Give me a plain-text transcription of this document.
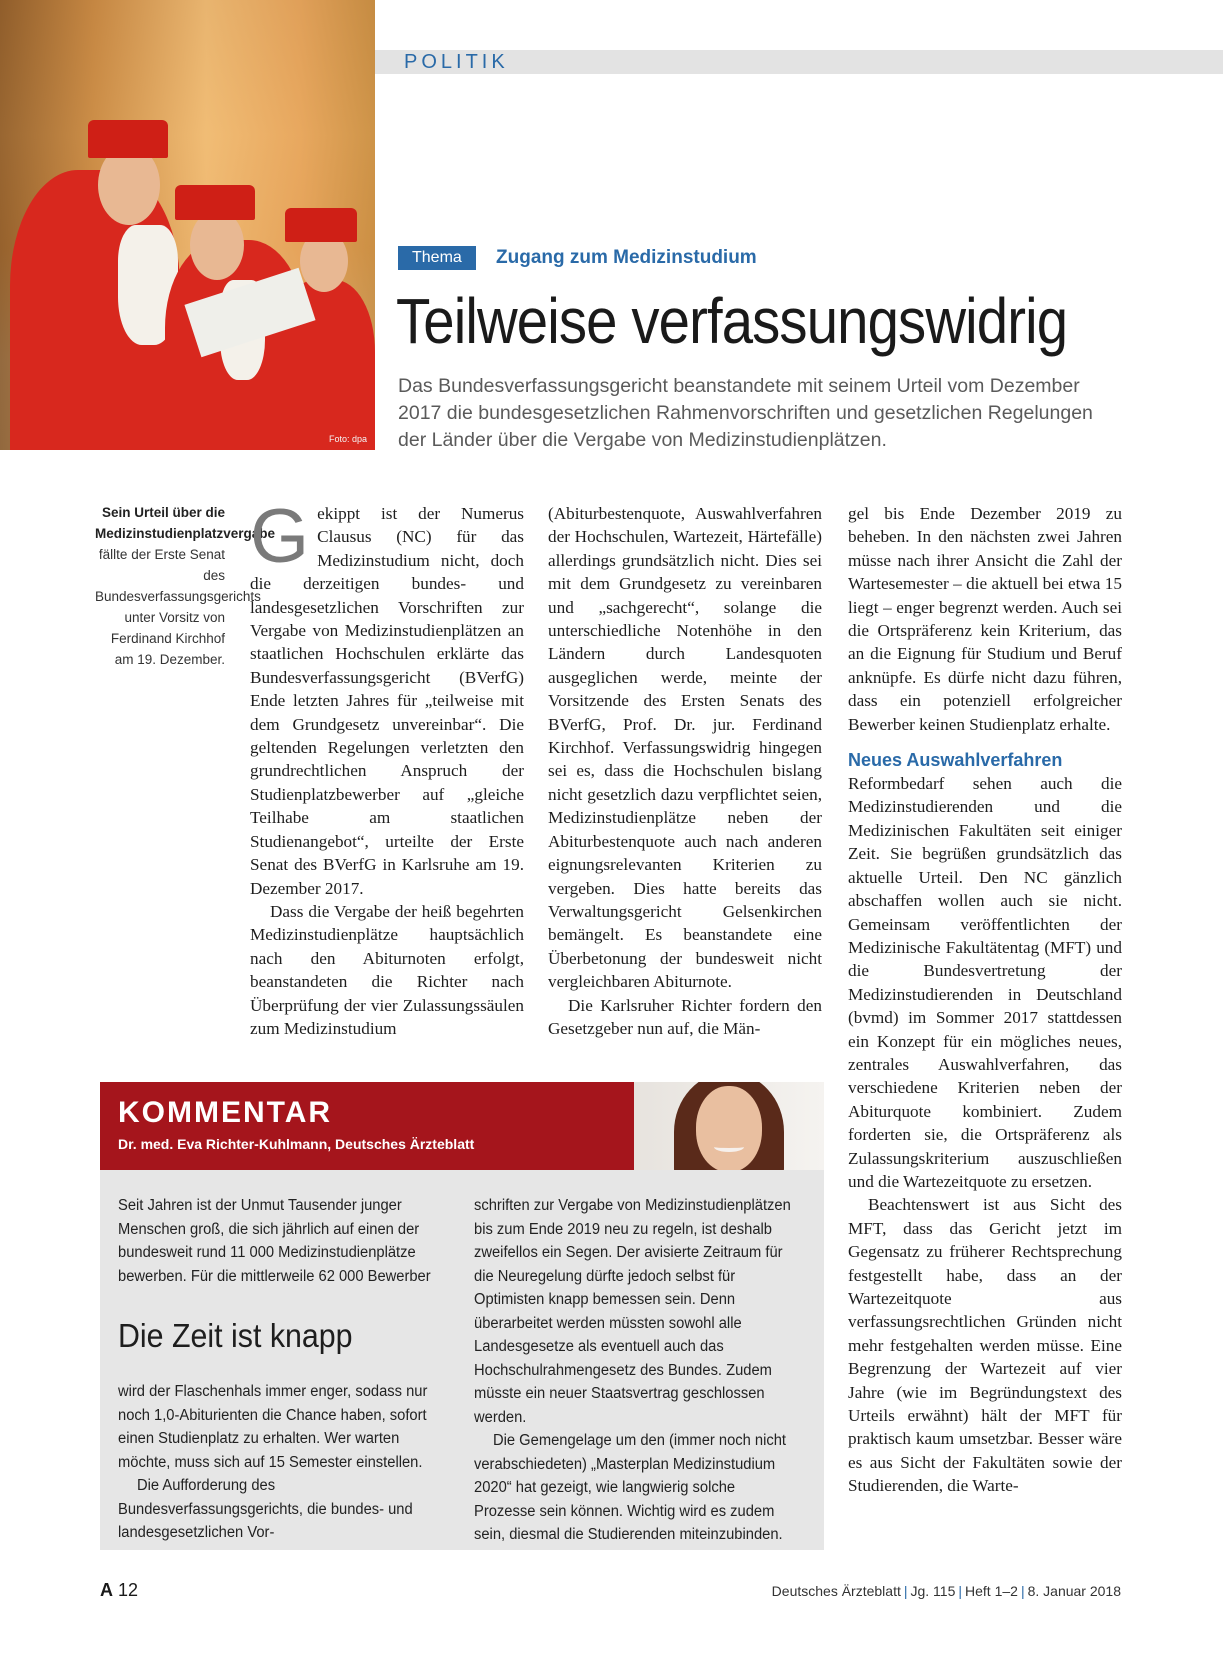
Foto: dpa
POLITIK
Thema	Zugang zum Medizinstudium
Teilweise verfassungswidrig
Das Bundesverfassungsgericht beanstandete mit seinem Urteil vom Dezember 2017 die bundesgesetzlichen Rahmenvorschriften und gesetzlichen Regelungen der Länder über die Vergabe von Medizinstudienplätzen.
Sein Urteil über die Medizinstudienplatzvergabe fällte der Erste Senat des Bundesverfassungsgerichts unter Vorsitz von Ferdinand Kirchhof am 19. Dezember.
G ekippt ist der Numerus Clausus (NC) für das Medizinstudium nicht, doch die derzeitigen bundes- und landesgesetzlichen Vorschriften zur Vergabe von Medizinstudienplätzen an staatlichen Hochschulen erklärte das Bundesverfassungsgericht (BVerfG) Ende letzten Jahres für „teilweise mit dem Grundgesetz unvereinbar“. Die geltenden Regelungen verletzten den grundrechtlichen Anspruch der Studienplatzbewerber auf „gleiche Teilhabe am staatlichen Studienangebot“, urteilte der Erste Senat des BVerfG in Karlsruhe am 19. Dezember 2017.

Dass die Vergabe der heiß begehrten Medizinstudienplätze hauptsächlich nach den Abiturnoten erfolgt, beanstandeten die Richter nach Überprüfung der vier Zulassungssäulen zum Medizinstudium

(Abiturbestenquote, Auswahlverfahren der Hochschulen, Wartezeit, Härtefälle) allerdings grundsätzlich nicht. Dies sei mit dem Grundgesetz zu vereinbaren und „sachgerecht“, solange die unterschiedliche Notenhöhe in den Ländern durch Landesquoten ausgeglichen werde, meinte der Vorsitzende des Ersten Senats des BVerfG, Prof. Dr. jur. Ferdinand Kirchhof. Verfassungswidrig hingegen sei es, dass die Hochschulen bislang nicht gesetzlich dazu verpflichtet seien, Medizinstudienplätze neben der Abiturbestenquote auch nach anderen eignungsrelevanten Kriterien zu vergeben. Dies hatte bereits das Verwaltungsgericht Gelsenkirchen bemängelt. Es beanstandete eine Überbetonung der bundesweit nicht vergleichbaren Abiturnote.

Die Karlsruher Richter fordern den Gesetzgeber nun auf, die Män-

gel bis Ende Dezember 2019 zu beheben. In den nächsten zwei Jahren müsse nach ihrer Ansicht die Zahl der Wartesemester – die aktuell bei etwa 15 liegt – enger begrenzt werden. Auch sei die Ortspräferenz kein Kriterium, das an die Eignung für Studium und Beruf anknüpfe. Es dürfe nicht dazu führen, dass ein potenziell erfolgreicher Bewerber keinen Studienplatz erhalte.

Neues Auswahlverfahren

Reformbedarf sehen auch die Medizinstudierenden und die Medizinischen Fakultäten seit einiger Zeit. Sie begrüßen grundsätzlich das aktuelle Urteil. Den NC gänzlich abschaffen wollen auch sie nicht. Gemeinsam veröffentlichten der Medizinische Fakultätentag (MFT) und die Bundesvertretung der Medizinstudierenden in Deutschland (bvmd) im Sommer 2017 stattdessen ein Konzept für ein mögliches neues, zentrales Auswahlverfahren, das verschiedene Kriterien neben der Abiturquote kombiniert. Zudem forderten sie, die Ortspräferenz als Zulassungskriterium auszuschließen und die Wartezeitquote zu ersetzen.

Beachtenswert ist aus Sicht des MFT, dass das Gericht jetzt im Gegensatz zu früherer Rechtsprechung festgestellt habe, dass an der Wartezeitquote aus verfassungsrechtlichen Gründen nicht mehr festgehalten werden müsse. Eine Begrenzung der Wartezeit auf vier Jahre (wie im Begründungstext des Urteils erwähnt) hält der MFT für praktisch kaum umsetzbar. Besser wäre es aus Sicht der Fakultäten sowie der Studierenden, die Warte-

KOMMENTAR
Dr. med. Eva Richter-Kuhlmann, Deutsches Ärzteblatt

Seit Jahren ist der Unmut Tausender junger Menschen groß, die sich jährlich auf einen der bundesweit rund 11 000 Medizinstudienplätze bewerben. Für die mittlerweile 62 000 Bewerber

Die Zeit ist knapp

wird der Flaschenhals immer enger, sodass nur noch 1,0-Abiturienten die Chance haben, sofort einen Studienplatz zu erhalten. Wer warten möchte, muss sich auf 15 Semester einstellen.

Die Aufforderung des Bundesverfassungsgerichts, die bundes- und landesgesetzlichen Vor-

schriften zur Vergabe von Medizinstudienplätzen bis zum Ende 2019 neu zu regeln, ist deshalb zweifellos ein Segen. Der avisierte Zeitraum für die Neuregelung dürfte jedoch selbst für Optimisten knapp bemessen sein. Denn überarbeitet werden müssten sowohl alle Landesgesetze als eventuell auch das Hochschulrahmengesetz des Bundes. Zudem müsste ein neuer Staatsvertrag geschlossen werden.

Die Gemengelage um den (immer noch nicht verabschiedeten) „Masterplan Medizinstudium 2020“ hat gezeigt, wie langwierig solche Prozesse sein können. Wichtig wird es zudem sein, diesmal die Studierenden miteinzubinden.

A 12	Deutsches Ärzteblatt | Jg. 115 | Heft 1–2 | 8. Januar 2018
